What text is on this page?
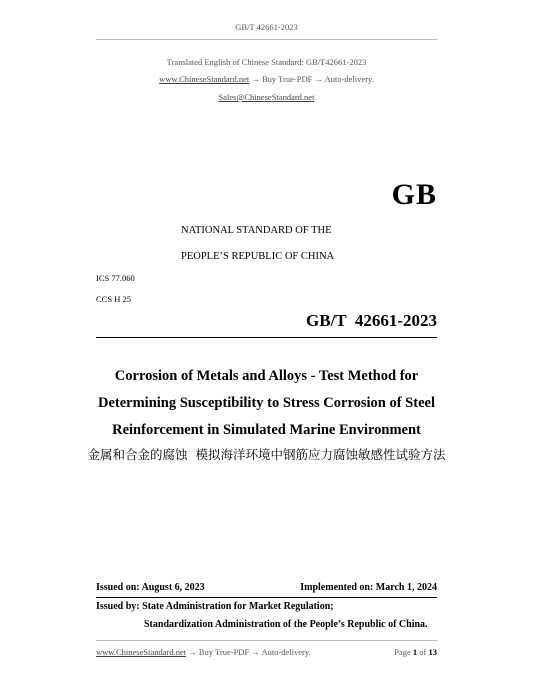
GB/T 42661-2023
Translated English of Chinese Standard: GB/T42661-2023
www.ChineseStandard.net → Buy True-PDF → Auto-delivery.
Sales@ChineseStandard.net
GB
NATIONAL STANDARD OF THE
PEOPLE’S REPUBLIC OF CHINA
ICS 77.060
CCS H 25
GB/T  42661-2023
Corrosion of Metals and Alloys - Test Method for
Determining Susceptibility to Stress Corrosion of Steel
Reinforcement in Simulated Marine Environment
金属和合金的腐蚀  模拟海洋环境中钢筋应力腐蚀敏感性试验方法
Issued on: August 6, 2023	Implemented on: March 1, 2024
Issued by: State Administration for Market Regulation;
Standardization Administration of the People’s Republic of China.
www.ChineseStandard.net → Buy True-PDF → Auto-delivery.	Page 1 of 13
